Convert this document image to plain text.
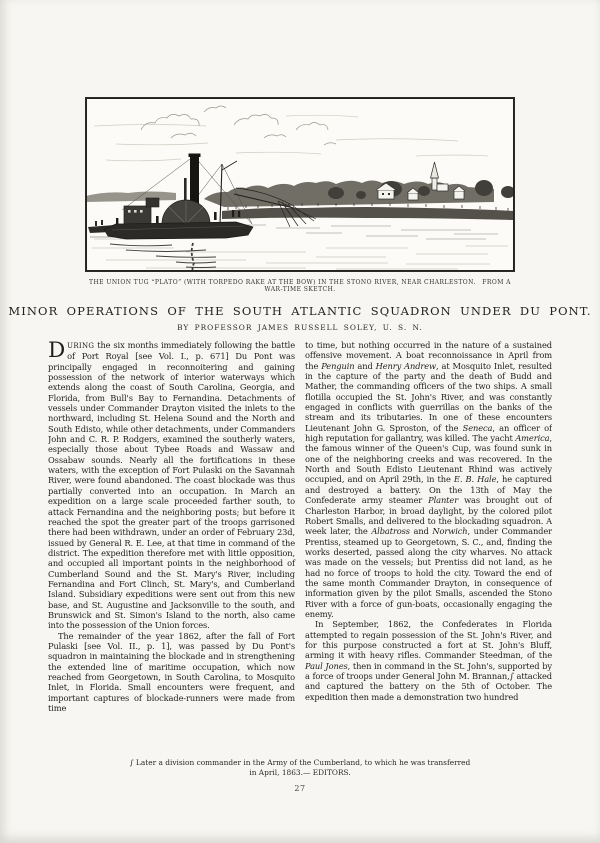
THE UNION TUG “PLATO” (WITH TORPEDO RAKE AT THE BOW) IN THE STONO RIVER, NEAR CHARLESTON. FROM A WAR-TIME SKETCH.
MINOR OPERATIONS OF THE SOUTH ATLANTIC SQUADRON UNDER DU PONT.
BY PROFESSOR JAMES RUSSELL SOLEY, U. S. N.

DURING the six months immediately following the battle of Port Royal [see Vol. I., p. 671] Du Pont was principally engaged in reconnoitering and gaining possession of the network of interior waterways which extends along the coast of South Carolina, Georgia, and Florida, from Bull's Bay to Fernandina. Detachments of vessels under Commander Drayton visited the inlets to the northward, including St. Helena Sound and the North and South Edisto, while other detachments, under Commanders John and C. R. P. Rodgers, examined the southerly waters, especially those about Tybee Roads and Wassaw and Ossabaw sounds. Nearly all the fortifications in these waters, with the exception of Fort Pulaski on the Savannah River, were found abandoned. The coast blockade was thus partially converted into an occupation. In March an expedition on a large scale proceeded farther south, to attack Fernandina and the neighboring posts; but before it reached the spot the greater part of the troops garrisoned there had been withdrawn, under an order of February 23d, issued by General R. E. Lee, at that time in command of the district. The expedition therefore met with little opposition, and occupied all important points in the neighborhood of Cumberland Sound and the St. Mary's River, including Fernandina and Fort Clinch, St. Mary's, and Cumberland Island. Subsidiary expeditions were sent out from this new base, and St. Augustine and Jacksonville to the south, and Brunswick and St. Simon's Island to the north, also came into the possession of the Union forces.

The remainder of the year 1862, after the fall of Fort Pulaski [see Vol. II., p. 1], was passed by Du Pont's squadron in maintaining the blockade and in strengthening the extended line of maritime occupation, which now reached from Georgetown, in South Carolina, to Mosquito Inlet, in Florida. Small encounters were frequent, and important captures of blockade-runners were made from time

to time, but nothing occurred in the nature of a sustained offensive movement. A boat reconnoissance in April from the Penguin and Henry Andrew, at Mosquito Inlet, resulted in the capture of the party and the death of Budd and Mather, the commanding officers of the two ships. A small flotilla occupied the St. John's River, and was constantly engaged in conflicts with guerrillas on the banks of the stream and its tributaries. In one of these encounters Lieutenant John G. Sproston, of the Seneca, an officer of high reputation for gallantry, was killed. The yacht America, the famous winner of the Queen's Cup, was found sunk in one of the neighboring creeks and was recovered. In the North and South Edisto Lieutenant Rhind was actively occupied, and on April 29th, in the E. B. Hale, he captured and destroyed a battery. On the 13th of May the Confederate army steamer Planter was brought out of Charleston Harbor, in broad daylight, by the colored pilot Robert Smalls, and delivered to the blockading squadron. A week later, the Albatross and Norwich, under Commander Prentiss, steamed up to Georgetown, S. C., and, finding the works deserted, passed along the city wharves. No attack was made on the vessels; but Prentiss did not land, as he had no force of troops to hold the city. Toward the end of the same month Commander Drayton, in consequence of information given by the pilot Smalls, ascended the Stono River with a force of gun-boats, occasionally engaging the enemy.

In September, 1862, the Confederates in Florida attempted to regain possession of the St. John's River, and for this purpose constructed a fort at St. John's Bluff, arming it with heavy rifles. Commander Steedman, of the Paul Jones, then in command in the St. John's, supported by a force of troops under General John M. Brannan,∫ attacked and captured the battery on the 5th of October. The expedition then made a demonstration two hundred

∫ Later a division commander in the Army of the Cumberland, to which he was transferred
in April, 1863.— EDITORS.
27
